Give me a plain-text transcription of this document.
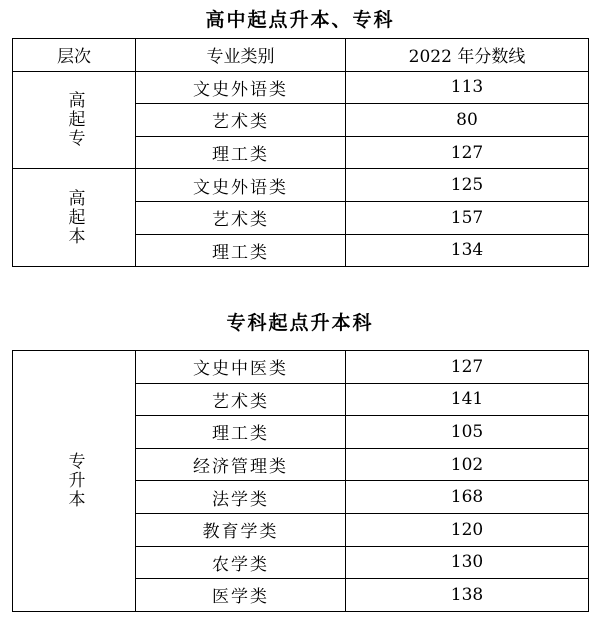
高中起点升本、专科
层次	专业类别	2022 年分数线
高起专	文史外语类	113
	艺术类	80
	理工类	127
高起本	文史外语类	125
	艺术类	157
	理工类	134
专科起点升本科
专升本	文史中医类	127
	艺术类	141
	理工类	105
	经济管理类	102
	法学类	168
	教育学类	120
	农学类	130
	医学类	138
